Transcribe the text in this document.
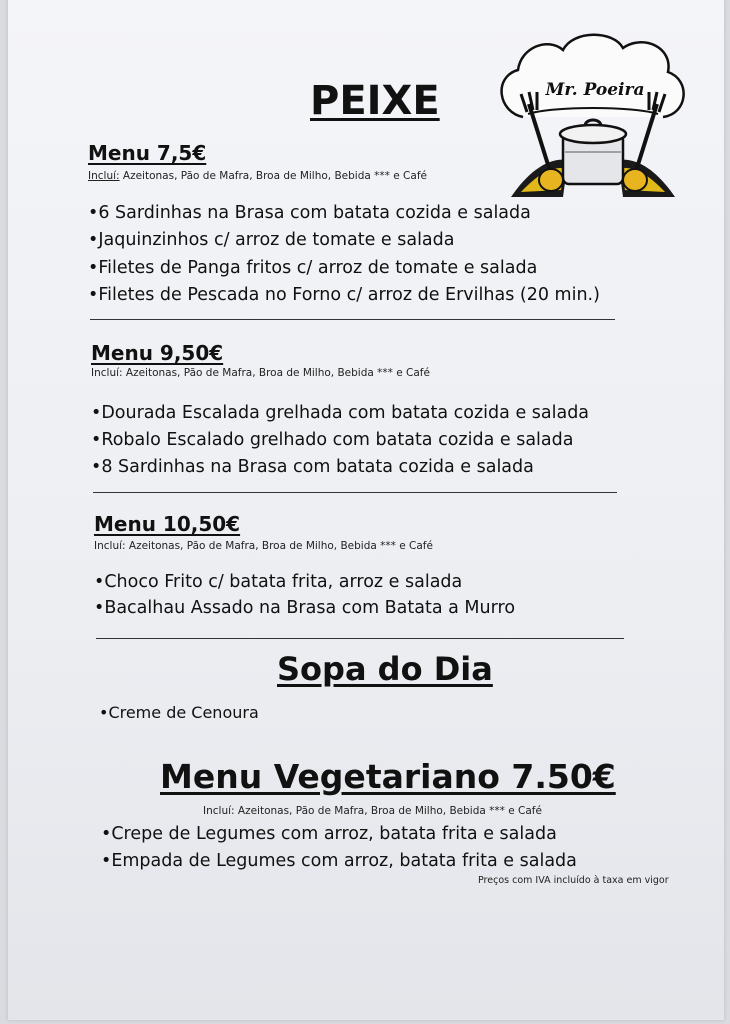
Mr. Poeira
PEIXE
Menu 7,5€
Incluí: Azeitonas, Pão de Mafra, Broa de Milho, Bebida *** e Café
•6 Sardinhas na Brasa com batata cozida e salada
•Jaquinzinhos c/ arroz de tomate e salada
•Filetes de Panga fritos c/ arroz de tomate e salada
•Filetes de Pescada no Forno c/ arroz de Ervilhas (20 min.)
Menu 9,50€
Incluí: Azeitonas, Pão de Mafra, Broa de Milho, Bebida *** e Café
•Dourada Escalada grelhada com batata cozida e salada
•Robalo Escalado grelhado com batata cozida e salada
•8 Sardinhas na Brasa com batata cozida e salada
Menu 10,50€
Incluí: Azeitonas, Pão de Mafra, Broa de Milho, Bebida *** e Café
•Choco Frito c/ batata frita, arroz e salada
•Bacalhau Assado na Brasa com Batata a Murro
Sopa do Dia
•Creme de Cenoura
Menu Vegetariano 7.50€
Incluí: Azeitonas, Pão de Mafra, Broa de Milho, Bebida *** e Café
•Crepe de Legumes com arroz, batata frita e salada
•Empada de Legumes com arroz, batata frita e salada
Preços com IVA incluído à taxa em vigor
